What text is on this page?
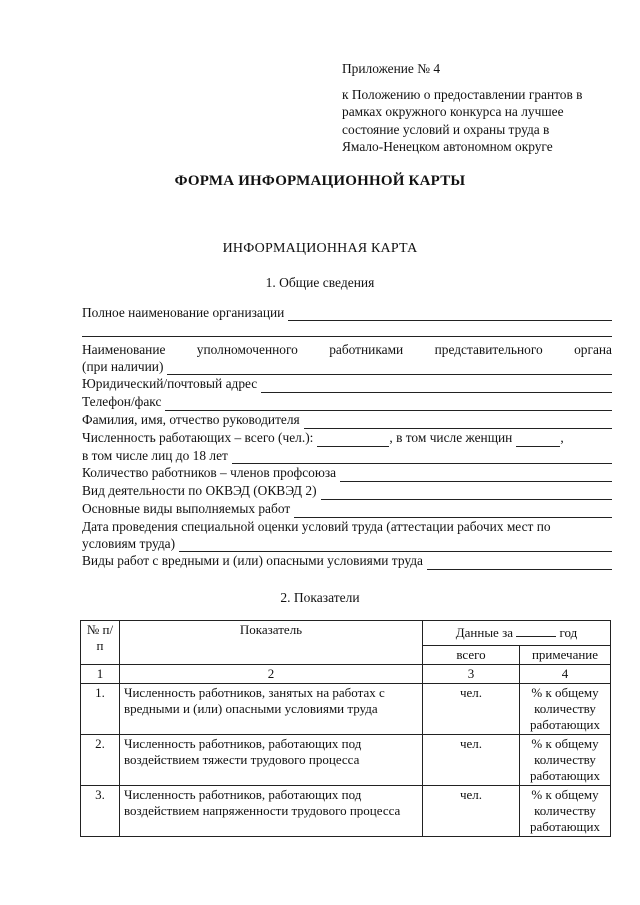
Приложение № 4
к Положению о предоставлении грантов в
рамках окружного конкурса на лучшее
состояние условий и охраны труда в
Ямало-Ненецком автономном округе
ФОРМА ИНФОРМАЦИОННОЙ КАРТЫ
ИНФОРМАЦИОННАЯ КАРТА
1. Общие сведения
Полное наименование организации
Наименование уполномоченного работниками представительного органа
(при наличии)
Юридический/почтовый адрес
Телефон/факс
Фамилия, имя, отчество руководителя
Численность работающих – всего (чел.):	, в том числе женщин	,
в том числе лиц до 18 лет
Количество работников – членов профсоюза
Вид деятельности по ОКВЭД (ОКВЭД 2)
Основные виды выполняемых работ
Дата проведения специальной оценки условий труда (аттестации рабочих мест по
условиям труда)
Виды работ с вредными и (или) опасными условиями труда
2. Показатели
№ п/п	Показатель	Данные за год	
		всего	примечание
1	2	3	4
1.	Численность работников, занятых на работах с вредными и (или) опасными условиями труда	чел.	% к общему количеству работающих
2.	Численность работников, работающих под воздействием тяжести трудового процесса	чел.	% к общему количеству работающих
3.	Численность работников, работающих под воздействием напряженности трудового процесса	чел.	% к общему количеству работающих
